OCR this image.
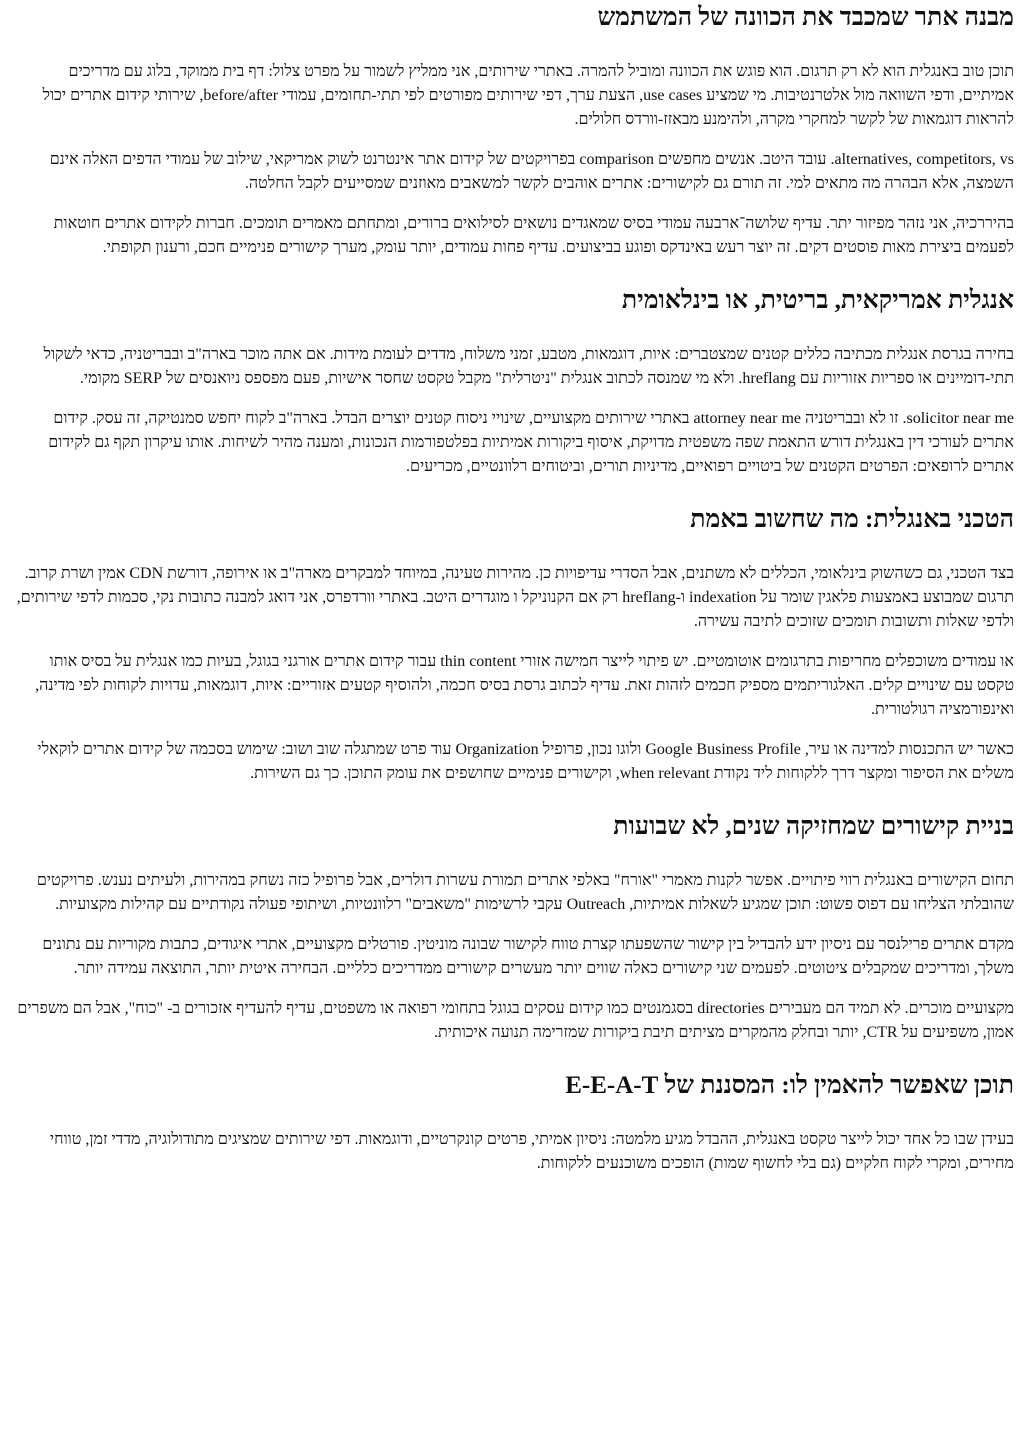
מבנה אתר שמכבד את הכוונה של המשתמש

תוכן טוב באנגלית הוא לא רק תרגום. הוא פוגש את הכוונה ומוביל להמרה. באתרי שירותים, אני ממליץ לשמור על מפרט צלול: דף בית ממוקד, בלוג עם מדריכים אמיתיים, ודפי השוואה מול אלטרנטיבות. מי שמציע use cases, הצעת ערך, דפי שירותים מפורטים לפי תתי-תחומים, עמודי before/after, שירותי קידום אתרים יכול להראות דוגמאות של לקשר למחקרי מקרה, ולהימנע מבאזז-וורדס חלולים.

alternatives, competitors, vs. עובד היטב. אנשים מחפשים comparison בפרויקטים של קידום אתר אינטרנט לשוק אמריקאי, שילוב של עמודי הדפים האלה אינם השמצה, אלא הבהרה מה מתאים למי. זה תורם גם לקישורים: אתרים אוהבים לקשר למשאבים מאוזנים שמסייעים לקבל החלטה.

בהיררכיה, אני נזהר מפיזור יתר. עדיף שלושה־ארבעה עמודי בסיס שמאגדים נושאים לסילואים ברורים, ומתחתם מאמרים תומכים. חברות לקידום אתרים חוטאות לפעמים ביצירת מאות פוסטים דקים. זה יוצר רעש באינדקס ופוגע בביצועים. עדיף פחות עמודים, יותר עומק, מערך קישורים פנימיים חכם, ורענון תקופתי.

אנגלית אמריקאית, בריטית, או בינלאומית

בחירה בגרסת אנגלית מכתיבה כללים קטנים שמצטברים: איות, דוגמאות, מטבע, זמני משלוח, מדדים לעומת מידות. אם אתה מוכר בארה"ב ובבריטניה, כדאי לשקול תתי-דומיינים או ספריות אזוריות עם hreflang. ולא מי שמנסה לכתוב אנגלית "ניטרלית" מקבל טקסט שחסר אישיות, פעם מפספס ניואנסים של SERP מקומי.

solicitor near me. זו לא ובבריטניה attorney near me באתרי שירותים מקצועיים, שינויי ניסוח קטנים יוצרים הבדל. בארה"ב לקוח יחפש סמנטיקה, זה עסק. קידום אתרים לעורכי דין באנגלית דורש התאמת שפה משפטית מדויקת, איסוף ביקורות אמיתיות בפלטפורמות הנכונות, ומענה מהיר לשיחות. אותו עיקרון תקף גם לקידום אתרים לרופאים: הפרטים הקטנים של ביטויים רפואיים, מדיניות תורים, וביטוחים רלוונטיים, מכריעים.

הטכני באנגלית: מה שחשוב באמת

בצד הטכני, גם כשהשוק בינלאומי, הכללים לא משתנים, אבל הסדרי עדיפויות כן. מהירות טעינה, במיוחד למבקרים מארה"ב או אירופה, דורשת CDN אמין ושרת קרוב. תרגום שמבוצע באמצעות פלאגין שומר על indexation ו-hreflang רק אם הקנוניקל ו מוגדרים היטב. באתרי וורדפרס, אני דואג למבנה כתובות נקי, סכמות לדפי שירותים, ולדפי שאלות ותשובות תומכים שזוכים לתיבה עשירה.

או עמודים משוכפלים מחריפות בתרגומים אוטומטיים. יש פיתוי לייצר חמישה אזורי thin content עבור קידום אתרים אורגני בגוגל, בעיות כמו אנגלית על בסיס אותו טקסט עם שינויים קלים. האלגוריתמים מספיק חכמים לזהות זאת. עדיף לכתוב גרסת בסיס חכמה, ולהוסיף קטעים אזוריים: איות, דוגמאות, עדויות לקוחות לפי מדינה, ואינפורמציה רגולטורית.

כאשר יש התכנסות למדינה או עיר, Google Business Profile ולוגו נכון, פרופיל Organization עוד פרט שמתגלה שוב ושוב: שימוש בסכמה של קידום אתרים לוקאלי משלים את הסיפור ומקצר דרך ללקוחות ליד נקודת when relevant, וקישורים פנימיים שחושפים את עומק התוכן. כך גם השירות.

בניית קישורים שמחזיקה שנים, לא שבועות

תחום הקישורים באנגלית רווי פיתויים. אפשר לקנות מאמרי "אורח" באלפי אתרים תמורת עשרות דולרים, אבל פרופיל כזה נשחק במהירות, ולעיתים נענש. פרויקטים שהובלתי הצליחו עם דפוס פשוט: תוכן שמגיע לשאלות אמיתיות, Outreach עקבי לרשימות "משאבים" רלוונטיות, ושיתופי פעולה נקודתיים עם קהילות מקצועיות.

מקדם אתרים פרילנסר עם ניסיון ידע להבדיל בין קישור שהשפעתו קצרת טווח לקישור שבונה מוניטין. פורטלים מקצועיים, אתרי איגודים, כתבות מקוריות עם נתונים משלך, ומדריכים שמקבלים ציטוטים. לפעמים שני קישורים כאלה שווים יותר מעשרים קישורים ממדריכים כלליים. הבחירה איטית יותר, התוצאה עמידה יותר.

מקצועיים מוכרים. לא תמיד הם מעבירים directories בסגמנטים כמו קידום עסקים בגוגל בתחומי רפואה או משפטים, עדיף להעדיף אזכורים ב- "כוח", אבל הם משפרים אמון, משפיעים על CTR, יותר ובחלק מהמקרים מציתים תיבת ביקורות שמזרימה תנועה איכותית.

תוכן שאפשר להאמין לו: המסננת של E-E-A-T

בעידן שבו כל אחד יכול לייצר טקסט באנגלית, ההבדל מגיע מלמטה: ניסיון אמיתי, פרטים קונקרטיים, ודוגמאות. דפי שירותים שמציגים מתודולוגיה, מדדי זמן, טווחי מחירים, ומקרי לקוח חלקיים (גם בלי לחשוף שמות) הופכים משוכנעים ללקוחות.
